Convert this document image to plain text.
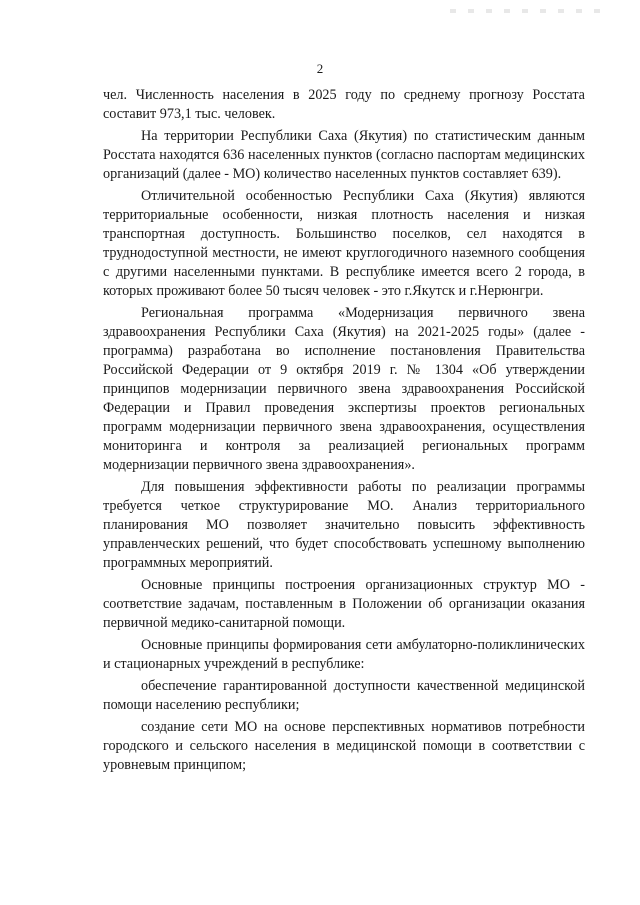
2

чел. Численность населения в 2025 году по среднему прогнозу Росстата составит 973,1 тыс. человек.

На территории Республики Саха (Якутия) по статистическим данным Росстата находятся 636 населенных пунктов (согласно паспортам медицинских организаций (далее - МО) количество населенных пунктов составляет 639).

Отличительной особенностью Республики Саха (Якутия) являются территориальные особенности, низкая плотность населения и низкая транспортная доступность. Большинство поселков, сел находятся в труднодоступной местности, не имеют круглогодичного наземного сообщения с другими населенными пунктами. В республике имеется всего 2 города, в которых проживают более 50 тысяч человек - это г.Якутск и г.Нерюнгри.

Региональная программа «Модернизация первичного звена здравоохранения Республики Саха (Якутия) на 2021-2025 годы» (далее - программа) разработана во исполнение постановления Правительства Российской Федерации от 9 октября 2019 г. № 1304 «Об утверждении принципов модернизации первичного звена здравоохранения Российской Федерации и Правил проведения экспертизы проектов региональных программ модернизации первичного звена здравоохранения, осуществления мониторинга и контроля за реализацией региональных программ модернизации первичного звена здравоохранения».

Для повышения эффективности работы по реализации программы требуется четкое структурирование МО. Анализ территориального планирования МО позволяет значительно повысить эффективность управленческих решений, что будет способствовать успешному выполнению программных мероприятий.

Основные принципы построения организационных структур МО - соответствие задачам, поставленным в Положении об организации оказания первичной медико-санитарной помощи.

Основные принципы формирования сети амбулаторно-поликлинических и стационарных учреждений в республике:

обеспечение гарантированной доступности качественной медицинской помощи населению республики;

создание сети МО на основе перспективных нормативов потребности городского и сельского населения в медицинской помощи в соответствии с уровневым принципом;
